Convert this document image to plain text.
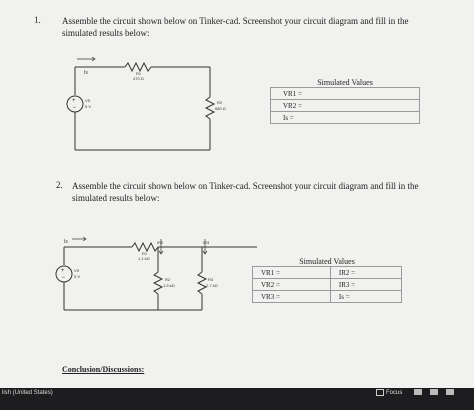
1. Assemble the circuit shown below on Tinker-cad. Screenshot your circuit diagram and fill in the
simulated results below:
+
−
Is	R1
470 Ω
VS
5 V
R2
680 Ω
Simulated Values
VR1 =
VR2 =
Is =
2. Assemble the circuit shown below on Tinker-cad. Screenshot your circuit diagram and fill in the
simulated results below:
+
−
Is
R1
1.1 kΩ
IR2	IR3
VS
5 V
R2
1.5 kΩ
R3
2.7 kΩ
Simulated Values	
VR1 =	IR2 =
VR2 =	IR3 =
VR3 =	Is =
Conclusion/Discussions:
lish (United States)	Focus
